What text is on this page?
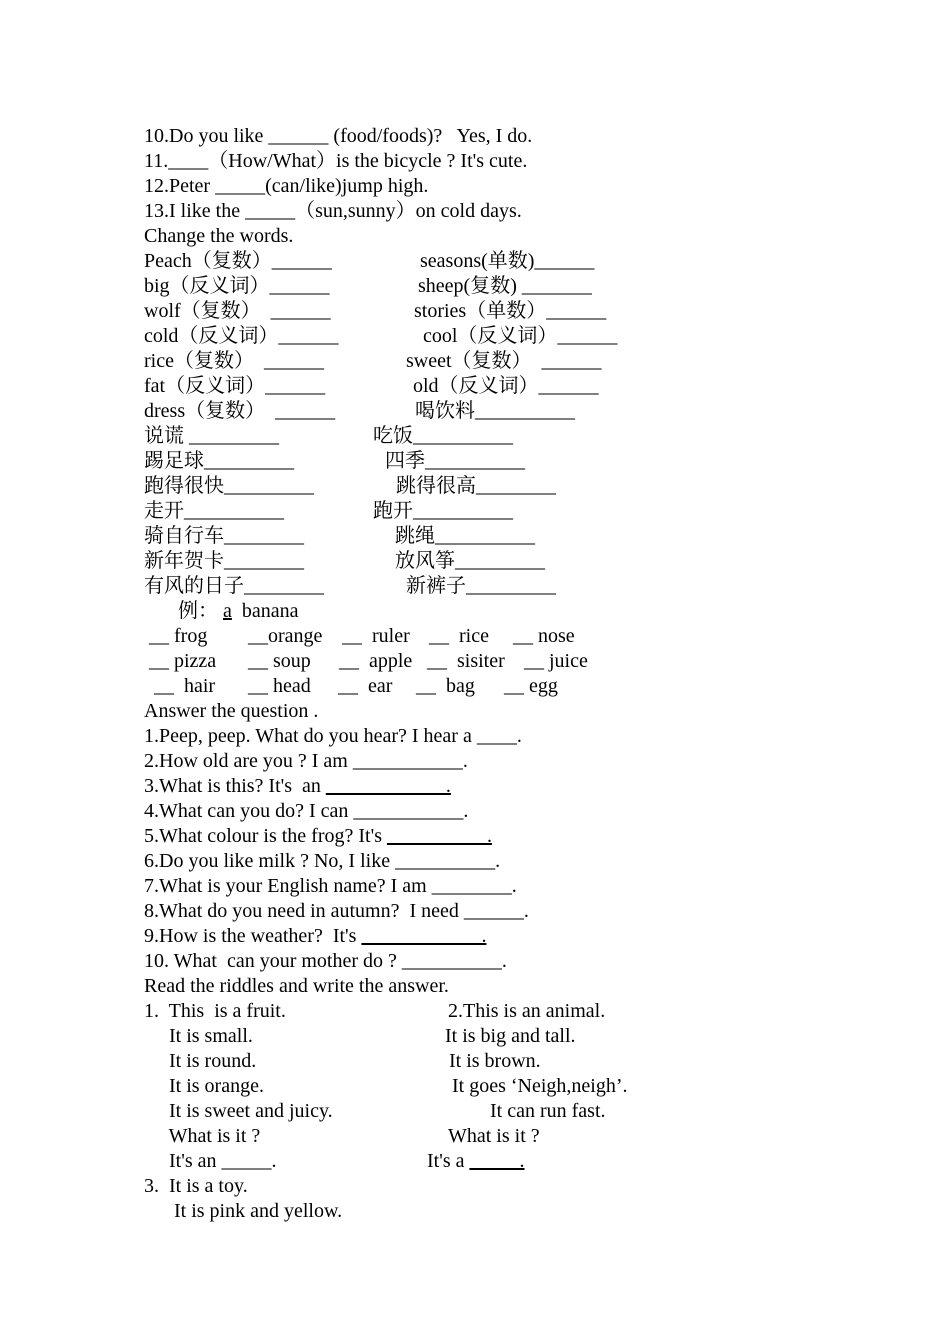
10.Do you like ______ (food/foods)?   Yes, I do.
11.____（How/What）is the bicycle ? It's cute.
12.Peter _____(can/like)jump high.
13.I like the _____（sun,sunny）on cold days.
Change the words.
Peach（复数）______	seasons(单数)______
big（反义词）______	sheep(复数) _______
wolf（复数）  ______	stories（单数）______
cold（反义词）______	cool（反义词）______
rice（复数）  ______	sweet（复数）  ______
fat（反义词）______	old（反义词）______
dress（复数）  ______	喝饮料__________
说谎 _________	吃饭__________
踢足球_________	四季__________
跑得很快_________	跳得很高________
走开__________	跑开__________
骑自行车________	跳绳__________
新年贺卡________	放风筝_________
有风的日子________	新裤子_________
例： a banana
__ frog __orange __  ruler __  rice __ nose
__ pizza __ soup __  apple __  sisiter __ juice
__  hair __ head __  ear __  bag __ egg
Answer the question .
1.Peep, peep. What do you hear? I hear a ____.
2.How old are you ? I am ___________.
3.What is this? It's  an ____________.
4.What can you do? I can ___________.
5.What colour is the frog? It's __________.
6.Do you like milk ? No, I like __________.
7.What is your English name? I am ________.
8.What do you need in autumn?  I need ______.
9.How is the weather?  It's ____________.
10. What  can your mother do ? __________.
Read the riddles and write the answer.
1.  This  is a fruit.
It is small.
It is round.
It is orange.
It is sweet and juicy.
What is it ?
It's an _____.
2.This is an animal.
It is big and tall.
It is brown.
It goes ‘Neigh,neigh’.
It can run fast.
What is it ?
It's a _____.
3.  It is a toy.
It is pink and yellow.
